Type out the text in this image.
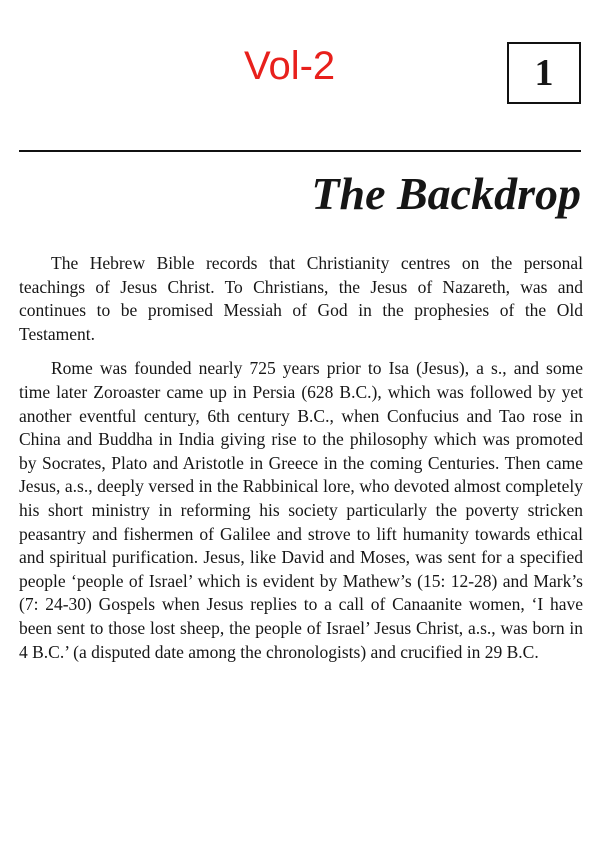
Vol-2	1
The Backdrop

The Hebrew Bible records that Christianity centres on the personal teachings of Jesus Christ. To Christians, the Jesus of Nazareth, was and continues to be promised Messiah of God in the prophesies of the Old Testament.

Rome was founded nearly 725 years prior to Isa (Jesus), a s., and some time later Zoroaster came up in Persia (628 B.C.), which was followed by yet another eventful century, 6th century B.C., when Confucius and Tao rose in China and Buddha in India giving rise to the philosophy which was promoted by Socrates, Plato and Aristotle in Greece in the coming Centuries. Then came Jesus, a.s., deeply versed in the Rabbinical lore, who devoted almost completely his short ministry in reforming his society particularly the poverty stricken peasantry and fishermen of Galilee and strove to lift humanity towards ethical and spiritual purification. Jesus, like David and Moses, was sent for a specified people ‘people of Israel’ which is evident by Mathew’s (15: 12-28) and Mark’s (7: 24-30) Gospels when Jesus replies to a call of Canaanite women, ‘I have been sent to those lost sheep, the people of Israel’ Jesus Christ, a.s., was born in 4 B.C.’ (a disputed date among the chronologists) and crucified in 29 B.C.
